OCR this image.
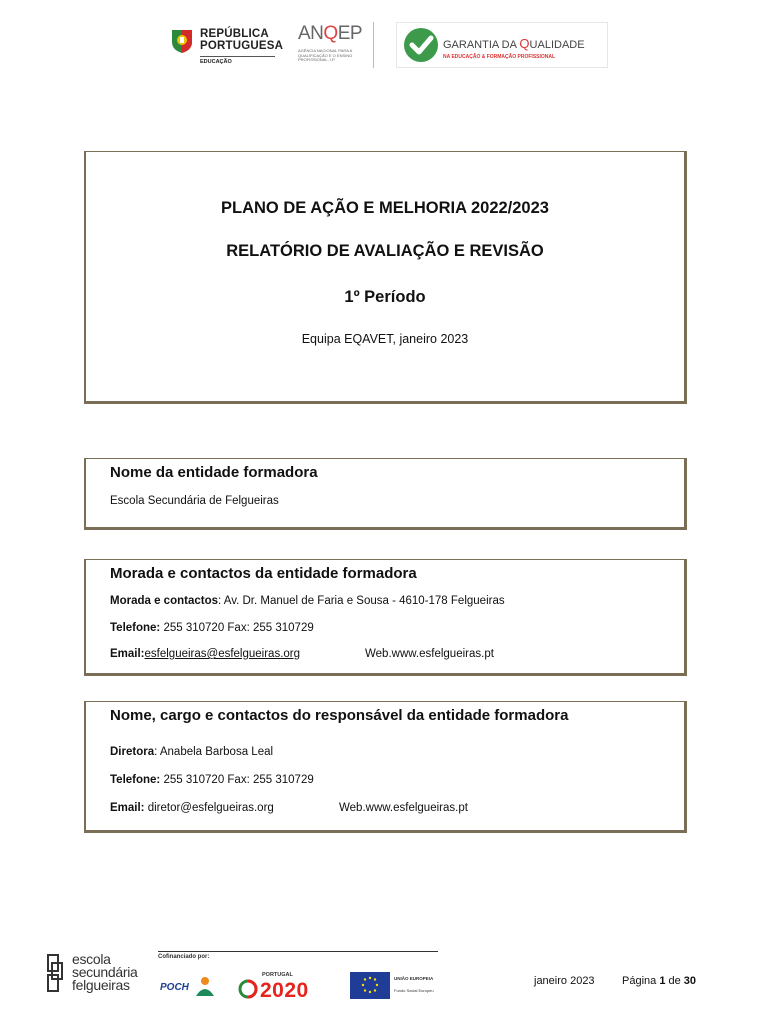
REPÚBLICA
PORTUGUESA
EDUCAÇÃO
ANQEP
AGÊNCIA NACIONAL PARA A QUALIFICAÇÃO E O ENSINO PROFISSIONAL, I.P.
GARANTIA DA QUALIDADE
NA EDUCAÇÃO & FORMAÇÃO PROFISSIONAL
PLANO DE AÇÃO E MELHORIA 2022/2023
RELATÓRIO DE AVALIAÇÃO E REVISÃO
1º Período
Equipa EQAVET, janeiro 2023
Nome da entidade formadora
Escola Secundária de Felgueiras
Morada e contactos da entidade formadora
Morada e contactos: Av. Dr. Manuel de Faria e Sousa - 4610-178 Felgueiras
Telefone: 255 310720 Fax: 255 310729
Email:esfelgueiras@esfelgueiras.org	Web.www.esfelgueiras.pt
Nome, cargo e contactos do responsável da entidade formadora
Diretora: Anabela Barbosa Leal
Telefone: 255 310720 Fax: 255 310729
Email: diretor@esfelgueiras.org	Web.www.esfelgueiras.pt
escola
secundária
felgueiras
Cofinanciado por:
POCH
PORTUGAL
2020
UNIÃO EUROPEIA
Fundo Social Europeu
janeiro 2023 Página 1 de 30
